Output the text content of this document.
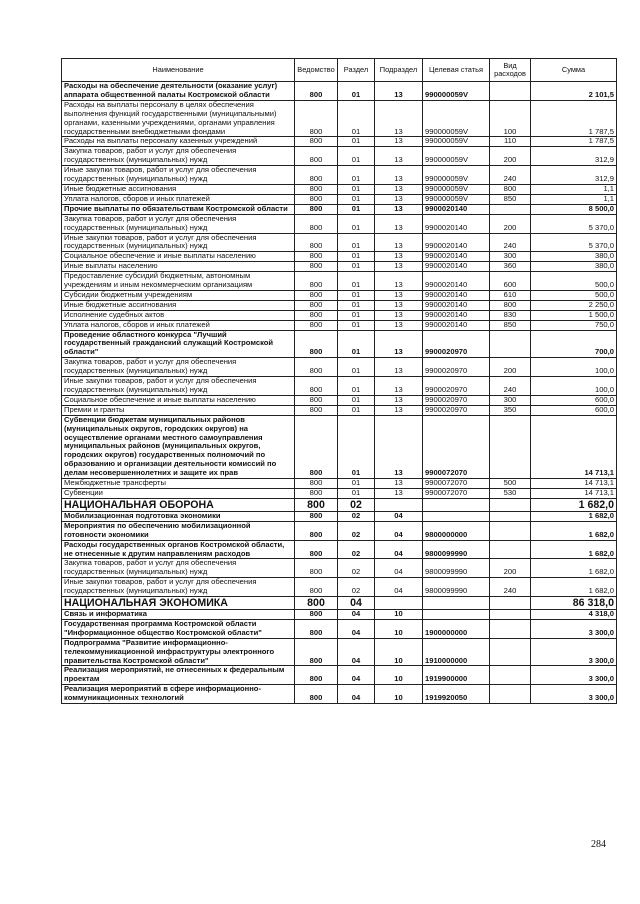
Наименование	Ведомство	Раздел	Подраздел	Целевая статья	Вид расходов	Сумма
Расходы на обеспечение деятельности (оказание услуг) аппарата общественной палаты Костромской области	800	01	13	990000059V		2 101,5
Расходы на выплаты персоналу в целях обеспечения выполнения функций государственными (муниципальными) органами, казенными учреждениями, органами управления государственными внебюджетными фондами	800	01	13	990000059V	100	1 787,5
Расходы на выплаты персоналу казенных учреждений	800	01	13	990000059V	110	1 787,5
Закупка товаров, работ и услуг для обеспечения государственных (муниципальных) нужд	800	01	13	990000059V	200	312,9
Иные закупки товаров, работ и услуг для обеспечения государственных (муниципальных) нужд	800	01	13	990000059V	240	312,9
Иные бюджетные ассигнования	800	01	13	990000059V	800	1,1
Уплата налогов, сборов и иных платежей	800	01	13	990000059V	850	1,1
Прочие выплаты по обязательствам Костромской области	800	01	13	9900020140		8 500,0
Закупка товаров, работ и услуг для обеспечения государственных (муниципальных) нужд	800	01	13	9900020140	200	5 370,0
Иные закупки товаров, работ и услуг для обеспечения государственных (муниципальных) нужд	800	01	13	9900020140	240	5 370,0
Социальное обеспечение и иные выплаты населению	800	01	13	9900020140	300	380,0
Иные выплаты населению	800	01	13	9900020140	360	380,0
Предоставление субсидий бюджетным, автономным учреждениям и иным некоммерческим организациям	800	01	13	9900020140	600	500,0
Субсидии бюджетным учреждениям	800	01	13	9900020140	610	500,0
Иные бюджетные ассигнования	800	01	13	9900020140	800	2 250,0
Исполнение судебных актов	800	01	13	9900020140	830	1 500,0
Уплата налогов, сборов и иных платежей	800	01	13	9900020140	850	750,0
Проведение областного конкурса "Лучший государственный гражданский служащий Костромской области"	800	01	13	9900020970		700,0
Закупка товаров, работ и услуг для обеспечения государственных (муниципальных) нужд	800	01	13	9900020970	200	100,0
Иные закупки товаров, работ и услуг для обеспечения государственных (муниципальных) нужд	800	01	13	9900020970	240	100,0
Социальное обеспечение и иные выплаты населению	800	01	13	9900020970	300	600,0
Премии и гранты	800	01	13	9900020970	350	600,0
Субвенции бюджетам муниципальных районов (муниципальных округов, городских округов) на осуществление органами местного самоуправления муниципальных районов (муниципальных округов, городских округов) государственных полномочий по образованию и организации деятельности комиссий по делам несовершеннолетних и защите их прав	800	01	13	9900072070		14 713,1
Межбюджетные трансферты	800	01	13	9900072070	500	14 713,1
Субвенции	800	01	13	9900072070	530	14 713,1
НАЦИОНАЛЬНАЯ ОБОРОНА	800	02				1 682,0
Мобилизационная подготовка экономики	800	02	04			1 682,0
Мероприятия по обеспечению мобилизационной готовности экономики	800	02	04	9800000000		1 682,0
Расходы государственных органов Костромской области, не отнесенные к другим направлениям расходов	800	02	04	9800099990		1 682,0
Закупка товаров, работ и услуг для обеспечения государственных (муниципальных) нужд	800	02	04	9800099990	200	1 682,0
Иные закупки товаров, работ и услуг для обеспечения государственных (муниципальных) нужд	800	02	04	9800099990	240	1 682,0
НАЦИОНАЛЬНАЯ ЭКОНОМИКА	800	04				86 318,0
Связь и информатика	800	04	10			4 318,0
Государственная программа Костромской области "Информационное общество Костромской области"	800	04	10	1900000000		3 300,0
Подпрограмма "Развитие информационно-телекоммуникационной инфраструктуры электронного правительства Костромской области"	800	04	10	1910000000		3 300,0
Реализация мероприятий, не отнесенных к федеральным проектам	800	04	10	1919900000		3 300,0
Реализация мероприятий в сфере информационно-коммуникационных технологий	800	04	10	1919920050		3 300,0
284
